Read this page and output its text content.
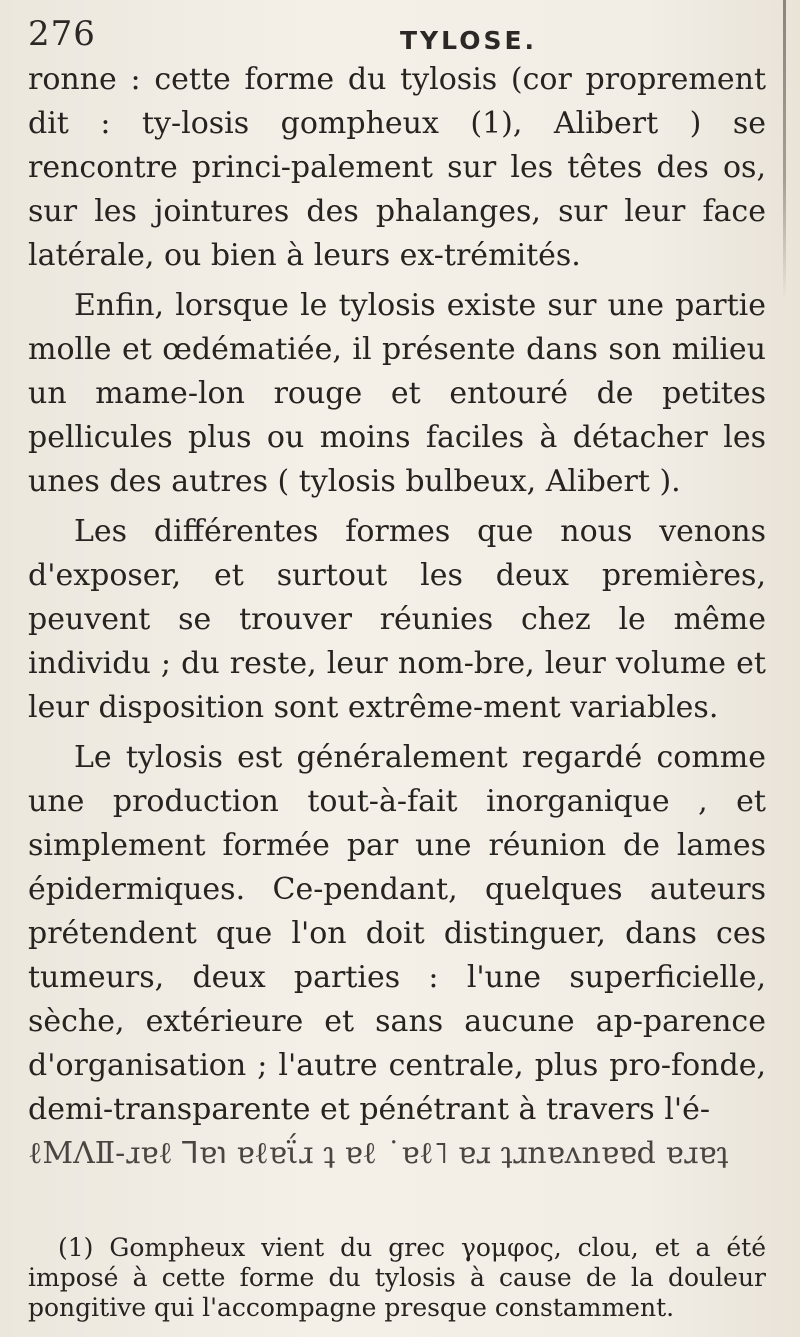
276	TYLOSE.

ronne : cette forme du tylosis (cor proprement dit : ty-losis gompheux (1), Alibert ) se rencontre princi-palement sur les têtes des os, sur les jointures des phalanges, sur leur face latérale, ou bien à leurs ex-trémités.

Enfin, lorsque le tylosis existe sur une partie molle et œdématiée, il présente dans son milieu un mame-lon rouge et entouré de petites pellicules plus ou moins faciles à détacher les unes des autres ( tylosis bulbeux, Alibert ).

Les différentes formes que nous venons d'exposer, et surtout les deux premières, peuvent se trouver réunies chez le même individu ; du reste, leur nom-bre, leur volume et leur disposition sont extrême-ment variables.

Le tylosis est généralement regardé comme une production tout-à-fait inorganique , et simplement formée par une réunion de lames épidermiques. Ce-pendant, quelques auteurs prétendent que l'on doit distinguer, dans ces tumeurs, deux parties : l'une superficielle, sèche, extérieure et sans aucune ap-parence d'organisation ; l'autre centrale, plus pro-fonde, demi-transparente et pénétrant à travers l'é-

ℓMΛⅡ-ɹɐℓ ⅂ɐ℩ ɐℓɐΐɹ ʇ ɐℓ ˙ɐℓ˥ ɐɹ ʇɹnɐʌnɐɐd ɐɹɐʇ

(1) Gompheux vient du grec γομφος, clou, et a été imposé à cette forme du tylosis à cause de la douleur pongitive qui l'accompagne presque constamment.
